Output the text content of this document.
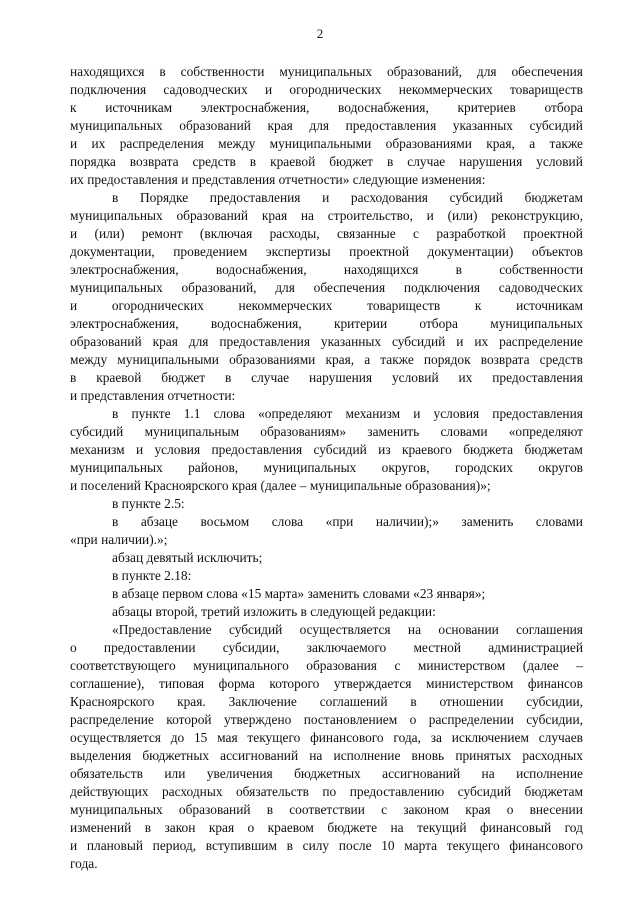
2
находящихся в собственности муниципальных образований, для обеспечения
подключения садоводческих и огороднических некоммерческих товариществ
к источникам электроснабжения, водоснабжения, критериев отбора
муниципальных образований края для предоставления указанных субсидий
и их распределения между муниципальными образованиями края, а также
порядка возврата средств в краевой бюджет в случае нарушения условий
их предоставления и представления отчетности» следующие изменения:
в Порядке предоставления и расходования субсидий бюджетам
муниципальных образований края на строительство, и (или) реконструкцию,
и (или) ремонт (включая расходы, связанные с разработкой проектной
документации, проведением экспертизы проектной документации) объектов
электроснабжения,	водоснабжения,	находящихся	в	собственности
муниципальных образований, для обеспечения подключения садоводческих
и	огороднических	некоммерческих	товариществ	к	источникам
электроснабжения, водоснабжения, критерии отбора муниципальных
образований края для предоставления указанных субсидий и их распределение
между муниципальными образованиями края, а также порядок возврата средств
в краевой бюджет в случае нарушения условий их предоставления
и представления отчетности:
в пункте 1.1 слова «определяют механизм и условия предоставления
субсидий муниципальным образованиям» заменить словами «определяют
механизм и условия предоставления субсидий из краевого бюджета бюджетам
муниципальных районов, муниципальных округов, городских округов
и поселений Красноярского края (далее – муниципальные образования)»;
в пункте 2.5:
в абзаце восьмом слова «при наличии);» заменить словами
«при наличии).»;
абзац девятый исключить;
в пункте 2.18:
в абзаце первом слова «15 марта» заменить словами «23 января»;
абзацы второй, третий изложить в следующей редакции:
«Предоставление субсидий осуществляется на основании соглашения
о предоставлении субсидии, заключаемого местной администрацией
соответствующего муниципального образования с министерством (далее –
соглашение), типовая форма которого утверждается министерством финансов
Красноярского края. Заключение соглашений в отношении субсидии,
распределение которой утверждено постановлением о распределении субсидии,
осуществляется до 15 мая текущего финансового года, за исключением случаев
выделения бюджетных ассигнований на исполнение вновь принятых расходных
обязательств или увеличения бюджетных ассигнований на исполнение
действующих расходных обязательств по предоставлению субсидий бюджетам
муниципальных образований в соответствии с законом края о внесении
изменений в закон края о краевом бюджете на текущий финансовый год
и плановый период, вступившим в силу после 10 марта текущего финансового
года.
